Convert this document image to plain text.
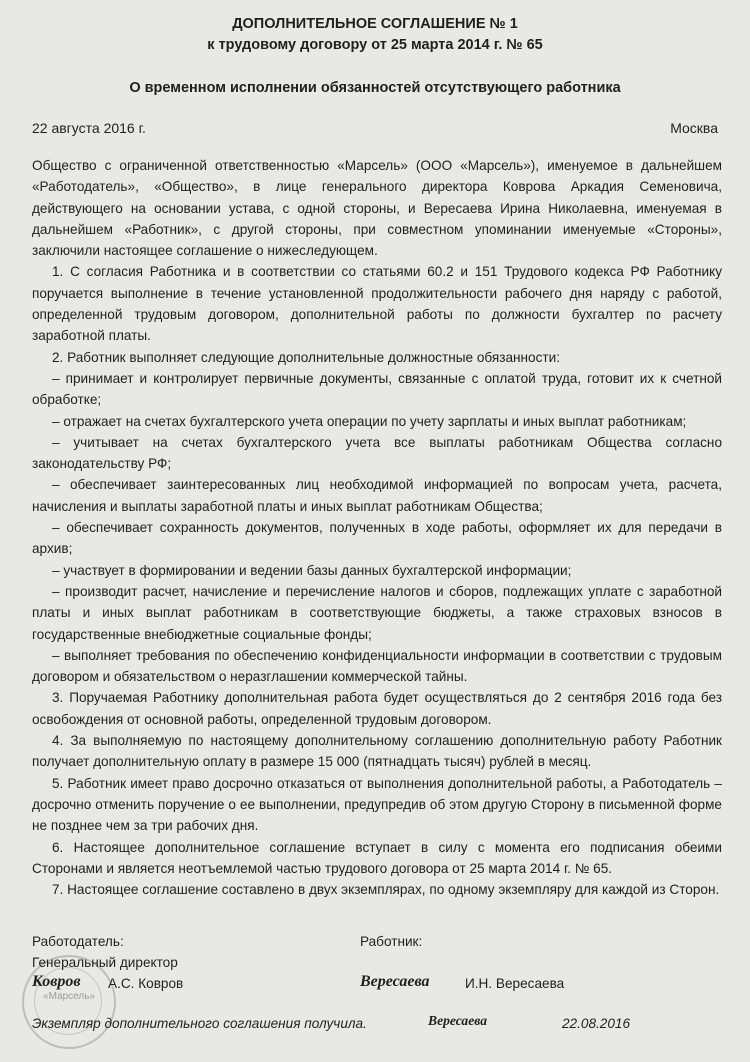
ДОПОЛНИТЕЛЬНОЕ СОГЛАШЕНИЕ № 1
к трудовому договору от 25 марта 2014 г. № 65
О временном исполнении обязанностей отсутствующего работника
22 августа 2016 г.	Москва

Общество с ограниченной ответственностью «Марсель» (ООО «Марсель»), именуемое в дальнейшем «Работодатель», «Общество», в лице генерального директора Коврова Аркадия Семеновича, действующего на основании устава, с одной стороны, и Вересаева Ирина Николаевна, именуемая в дальнейшем «Работник», с другой стороны, при совместном упоминании именуемые «Стороны», заключили настоящее соглашение о нижеследующем.

1. С согласия Работника и в соответствии со статьями 60.2 и 151 Трудового кодекса РФ Работнику поручается выполнение в течение установленной продолжительности рабочего дня наряду с работой, определенной трудовым договором, дополнительной работы по должности бухгалтер по расчету заработной платы.

2. Работник выполняет следующие дополнительные должностные обязанности:

– принимает и контролирует первичные документы, связанные с оплатой труда, готовит их к счетной обработке;

– отражает на счетах бухгалтерского учета операции по учету зарплаты и иных выплат работникам;

– учитывает на счетах бухгалтерского учета все выплаты работникам Общества согласно законодательству РФ;

– обеспечивает заинтересованных лиц необходимой информацией по вопросам учета, расчета, начисления и выплаты заработной платы и иных выплат работникам Общества;

– обеспечивает сохранность документов, полученных в ходе работы, оформляет их для передачи в архив;

– участвует в формировании и ведении базы данных бухгалтерской информации;

– производит расчет, начисление и перечисление налогов и сборов, подлежащих уплате с заработной платы и иных выплат работникам в соответствующие бюджеты, а также страховых взносов в государственные внебюджетные социальные фонды;

– выполняет требования по обеспечению конфиденциальности информации в соответствии с трудовым договором и обязательством о неразглашении коммерческой тайны.

3. Поручаемая Работнику дополнительная работа будет осуществляться до 2 сентября 2016 года без освобождения от основной работы, определенной трудовым договором.

4. За выполняемую по настоящему дополнительному соглашению дополнительную работу Работник получает дополнительную оплату в размере 15 000 (пятнадцать тысяч) рублей в месяц.

5. Работник имеет право досрочно отказаться от выполнения дополнительной работы, а Работодатель – досрочно отменить поручение о ее выполнении, предупредив об этом другую Сторону в письменной форме не позднее чем за три рабочих дня.

6. Настоящее дополнительное соглашение вступает в силу с момента его подписания обеими Сторонами и является неотъемлемой частью трудового договора от 25 марта 2014 г. № 65.

7. Настоящее соглашение составлено в двух экземплярах, по одному экземпляру для каждой из Сторон.

«Марсель»
Работодатель:
Генеральный директор
Ковров А.С. Ковров
Работник:
Вересаева	И.Н. Вересаева
Экземпляр дополнительного соглашения получила.	Вересаева	22.08.2016
